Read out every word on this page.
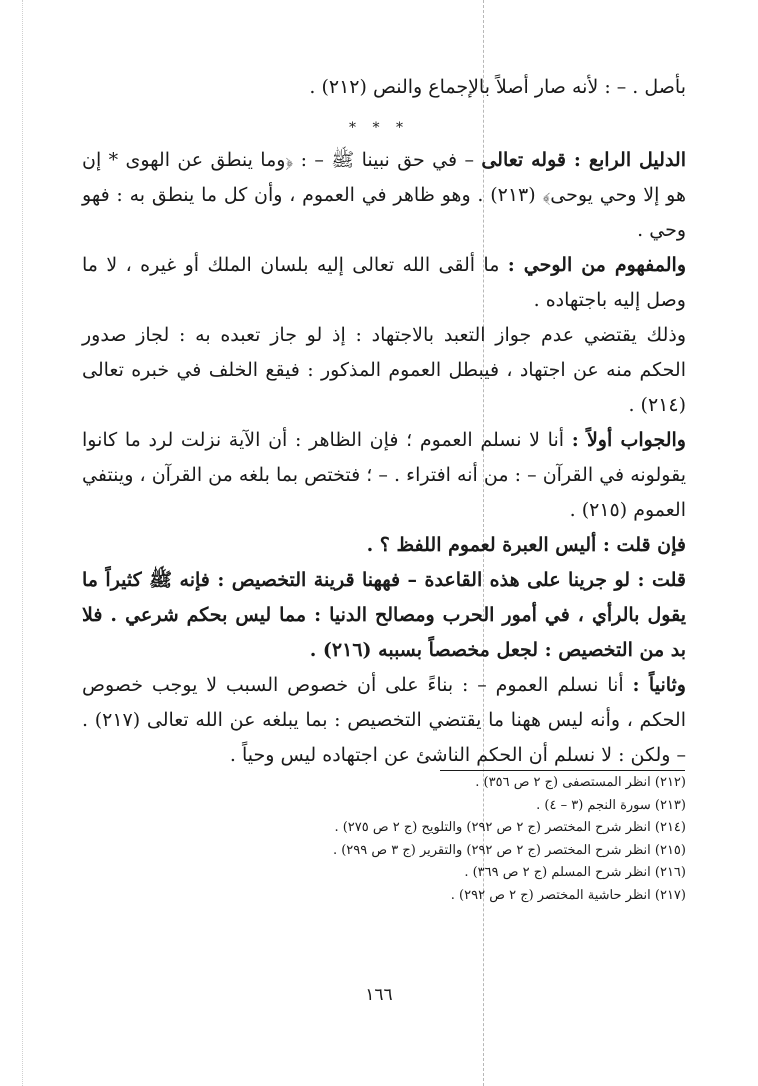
بأصل . – : لأنه صار أصلاً بالإجماع والنص (٢١٢) .

* * *

الدليل الرابع : قوله تعالى – في حق نبينا ﷺ – : ﴿وما ينطق عن الهوى * إن هو إلا وحي يوحى﴾ (٢١٣) . وهو ظاهر في العموم ، وأن كل ما ينطق به : فهو وحي .

والمفهوم من الوحي : ما ألقى الله تعالى إليه بلسان الملك أو غيره ، لا ما وصل إليه باجتهاده .

وذلك يقتضي عدم جواز التعبد بالاجتهاد : إذ لو جاز تعبده به : لجاز صدور الحكم منه عن اجتهاد ، فيبطل العموم المذكور : فيقع الخلف في خبره تعالى (٢١٤) .

والجواب أولاً : أنا لا نسلم العموم ؛ فإن الظاهر : أن الآية نزلت لرد ما كانوا يقولونه في القرآن – : من أنه افتراء . – ؛ فتختص بما بلغه من القرآن ، وينتفي العموم (٢١٥) .

فإن قلت : أليس العبرة لعموم اللفظ ؟ .

قلت : لو جرينا على هذه القاعدة – فههنا قرينة التخصيص : فإنه ﷺ كثيراً ما يقول بالرأي ، في أمور الحرب ومصالح الدنيا : مما ليس بحكم شرعي . فلا بد من التخصيص : لجعل مخصصاً بسببه (٢١٦) .

وثانياً : أنا نسلم العموم – : بناءً على أن خصوص السبب لا يوجب خصوص الحكم ، وأنه ليس ههنا ما يقتضي التخصيص : بما يبلغه عن الله تعالى (٢١٧) . – ولكن : لا نسلم أن الحكم الناشئ عن اجتهاده ليس وحياً .

(٢١٢) انظر المستصفى (ج ٢ ص ٣٥٦) .
(٢١٣) سورة النجم (٣ – ٤) .
(٢١٤) انظر شرح المختصر (ج ٢ ص ٢٩٢) والتلويح (ج ٢ ص ٢٧٥) .
(٢١٥) انظر شرح المختصر (ج ٢ ص ٢٩٢) والتقرير (ج ٣ ص ٢٩٩) .
(٢١٦) انظر شرح المسلم (ج ٢ ص ٣٦٩) .
(٢١٧) انظر حاشية المختصر (ج ٢ ص ٢٩٢) .
١٦٦
